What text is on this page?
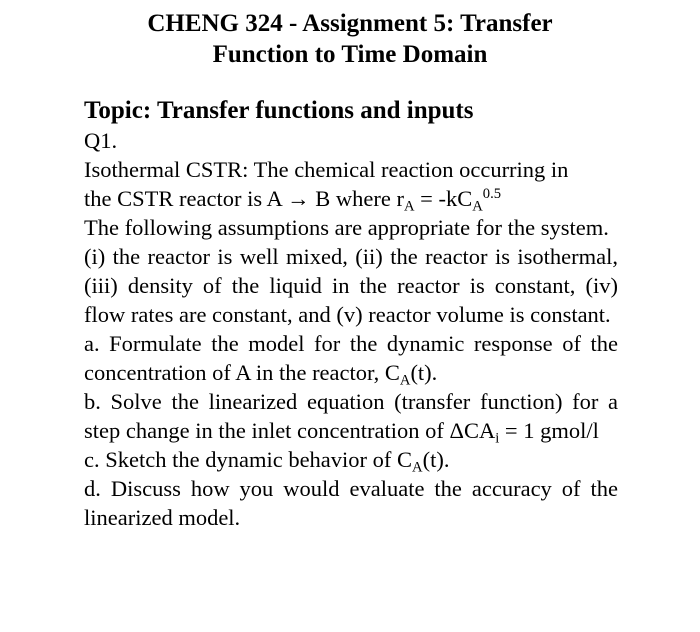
CHENG 324 - Assignment 5: Transfer
Function to Time Domain
Topic: Transfer functions and inputs
Q1.
Isothermal CSTR: The chemical reaction occurring in
the CSTR reactor is A → B where $r_A = -kC_A^{0.5}$
The following assumptions are appropriate for the system.
(i) the reactor is well mixed, (ii) the reactor is isothermal, (iii) density of the liquid in the reactor is constant, (iv) flow rates are constant, and (v) reactor volume is constant.
a. Formulate the model for the dynamic response of the concentration of A in the reactor, $C_A(t)$.
b. Solve the linearized equation (transfer function) for a step change in the inlet concentration of $\Delta CA_i = 1$ gmol/l
c. Sketch the dynamic behavior of $C_A(t)$.
d. Discuss how you would evaluate the accuracy of the linearized model.
